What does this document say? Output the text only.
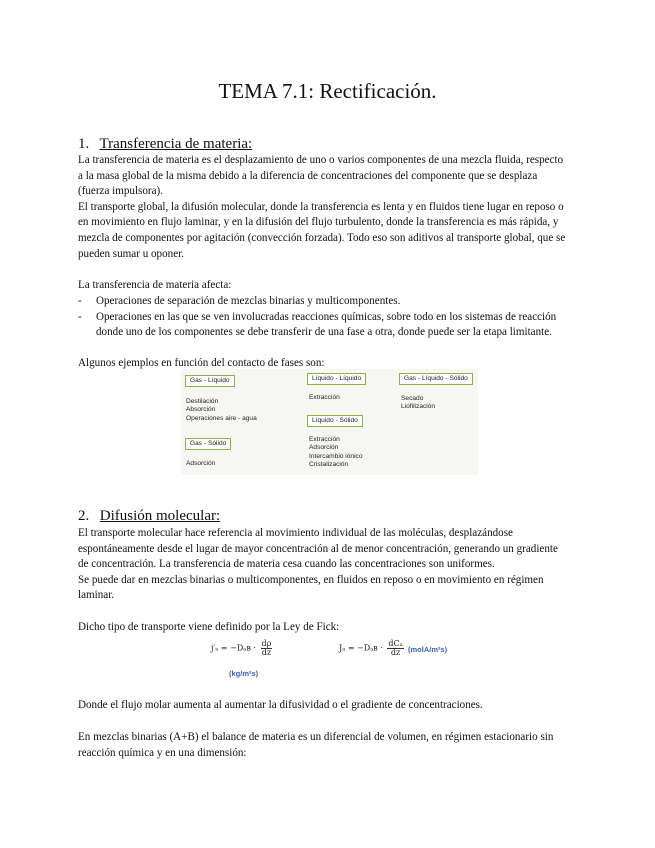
TEMA 7.1: Rectificación.
1. Transferencia de materia:
La transferencia de materia es el desplazamiento de uno o varios componentes de una mezcla fluida, respecto
a la masa global de la misma debido a la diferencia de concentraciones del componente que se desplaza
(fuerza impulsora).
El transporte global, la difusión molecular, donde la transferencia es lenta y en fluidos tiene lugar en reposo o
en movimiento en flujo laminar, y en la difusión del flujo turbulento, donde la transferencia es más rápida, y
mezcla de componentes por agitación (convección forzada). Todo eso son aditivos al transporte global, que se
pueden sumar u oponer.
La transferencia de materia afecta:
- Operaciones de separación de mezclas binarias y multicomponentes.
- Operaciones en las que se ven involucradas reacciones químicas, sobre todo en los sistemas de reacción
donde uno de los componentes se debe transferir de una fase a otra, donde puede ser la etapa limitante.
Algunos ejemplos en función del contacto de fases son:
Gas - Líquido
Destilación
Absorción
Operaciones aire - agua
Gas - Sólido
Adsorción
Líquido - Líquido
Extracción
Líquido - Sólido
Extracción
Adsorción
Intercambio iónico
Cristalización
Gas - Líquido - Sólido
Secado
Liofilización
2. Difusión molecular:
El transporte molecular hace referencia al movimiento individual de las moléculas, desplazándose
espontáneamente desde el lugar de mayor concentración al de menor concentración, generando un gradiente
de concentración. La transferencia de materia cesa cuando las concentraciones son uniformes.
Se puede dar en mezclas binarias o multicomponentes, en fluidos en reposo o en movimiento en régimen
laminar.
Dicho tipo de transporte viene definido por la Ley de Fick:
j′ₐ = −Dₐʙ · $\frac{d\rho}{dz}$
(kg/m²s)
Jₐ = −Dₐʙ · $\frac{\text{dCₐ}}{dz}$ (molA/m²s)
Donde el flujo molar aumenta al aumentar la difusividad o el gradiente de concentraciones.
En mezclas binarias (A+B) el balance de materia es un diferencial de volumen, en régimen estacionario sin
reacción química y en una dimensión:
